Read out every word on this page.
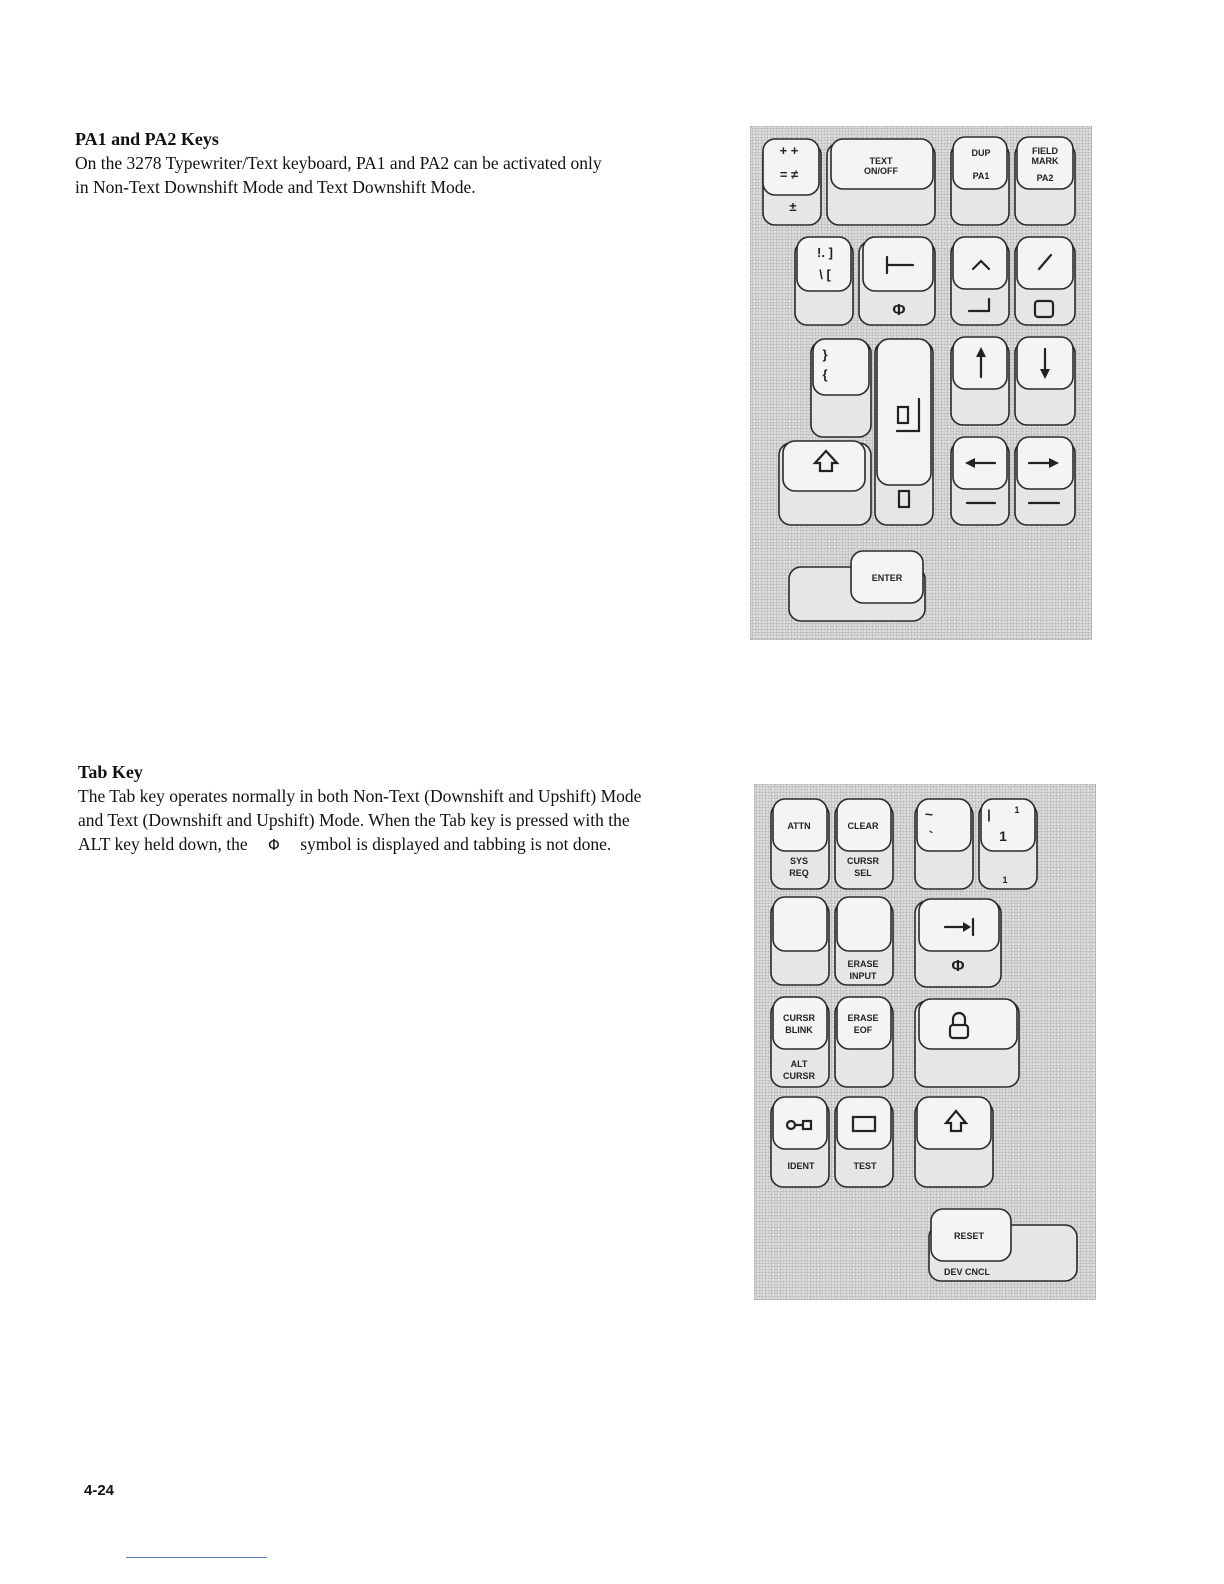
PA1 and PA2 Keys

On the 3278 Typewriter/Text keyboard, PA1 and PA2 can be activated only
in Non-Text Downshift Mode and Text Downshift Mode.

Tab Key

The Tab key operates normally in both Non-Text (Downshift and Upshift) Mode
and Text (Downshift and Upshift) Mode. When the Tab key is pressed with the
ALT key held down, the Φ symbol is displayed and tabbing is not done.

+ +
= ≠
±
TEXT
ON/OFF
DUP
PA1
FIELD
MARK
PA2
!. ]
\ [
Φ
}
{
ENTER
ATTN
SYS
REQ
CLEAR
CURSR
SEL
~
`
|	1
1
1
ERASE
INPUT
Φ
CURSR
BLINK
ALT
CURSR
ERASE
EOF
IDENT	TEST
RESET
DEV CNCL
4-24
